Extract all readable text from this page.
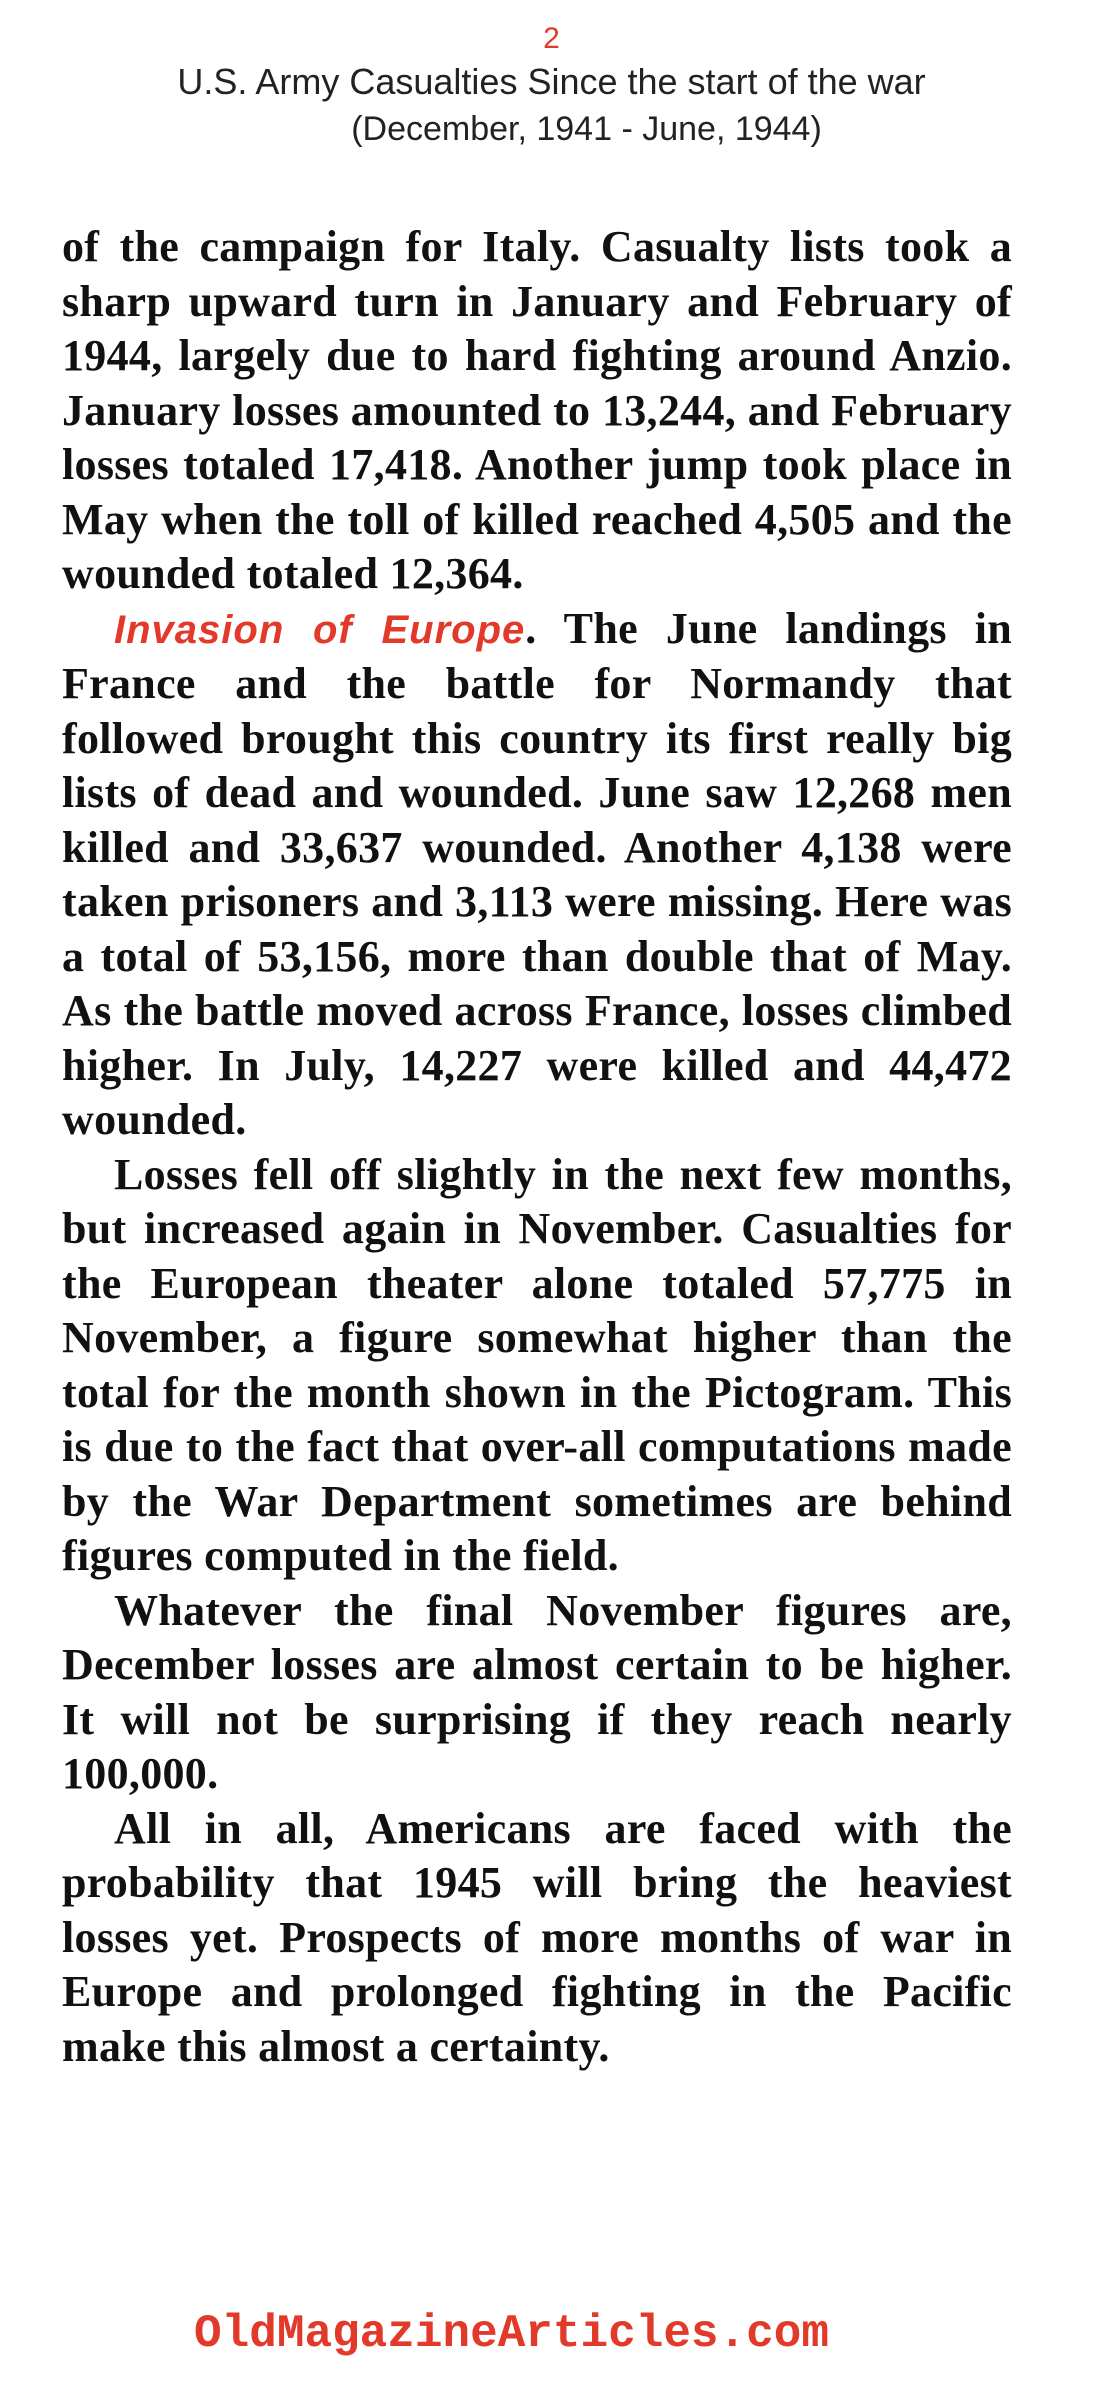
2
U.S. Army Casualties Since the start of the war
(December, 1941 - June, 1944)

of the campaign for Italy. Casualty lists took a sharp upward turn in January and February of 1944, largely due to hard fighting around Anzio. January losses amounted to 13,244, and February losses totaled 17,418. Another jump took place in May when the toll of killed reached 4,505 and the wounded totaled 12,364.

Invasion of Europe. The June landings in France and the battle for Normandy that followed brought this country its first really big lists of dead and wounded. June saw 12,268 men killed and 33,637 wounded. Another 4,138 were taken prisoners and 3,113 were missing. Here was a total of 53,156, more than double that of May. As the battle moved across France, losses climbed higher. In July, 14,227 were killed and 44,472 wounded.

Losses fell off slightly in the next few months, but increased again in November. Casualties for the European theater alone totaled 57,775 in November, a figure somewhat higher than the total for the month shown in the Pictogram. This is due to the fact that over-all computations made by the War Department sometimes are behind figures computed in the field.

Whatever the final November figures are, December losses are almost certain to be higher. It will not be surprising if they reach nearly 100,000.

All in all, Americans are faced with the probability that 1945 will bring the heaviest losses yet. Prospects of more months of war in Europe and prolonged fighting in the Pacific make this almost a certainty.

OldMagazineArticles.com
